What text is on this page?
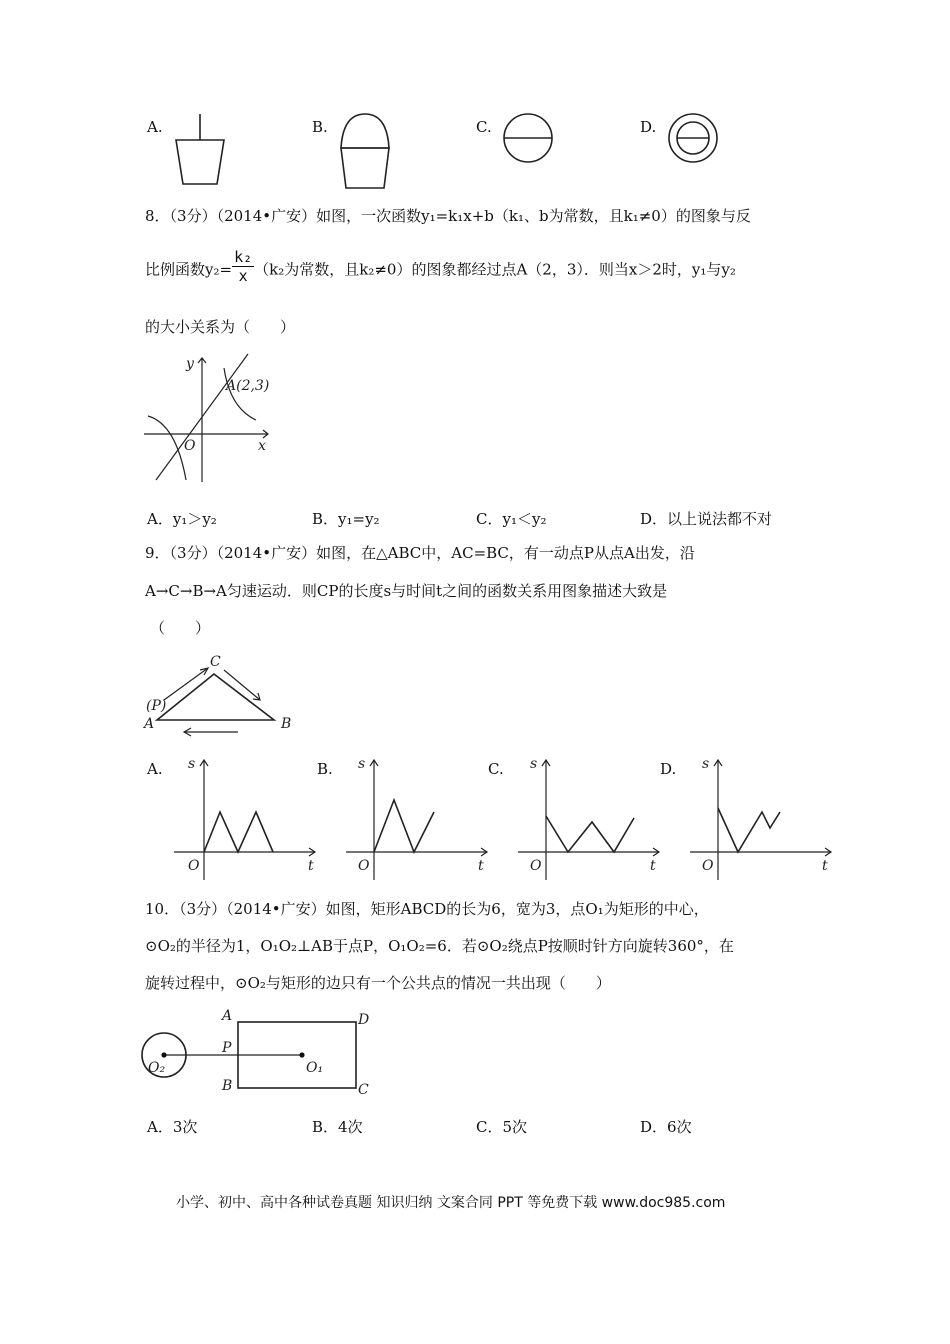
A.	B.	C.	D.
8．（3分）（2014•广安）如图，一次函数y₁=k₁x+b（k₁、b为常数，且k₁≠0）的图象与反
比例函数$y_2= \frac{\text{k₂}}{x} (k_2$为常数，且k₂≠0）的图象都经过点A（2，3）．则当x＞2时，y₁与y₂
的大小关系为（　　）
y
x
O
A(2,3)
A．y₁＞y₂	B．y₁=y₂	C．y₁＜y₂	D．以上说法都不对
9．（3分）（2014•广安）如图，在△ABC中，AC=BC，有一动点P从点A出发，沿
A→C→B→A匀速运动．则CP的长度s与时间t之间的函数关系用图象描述大致是
（　　）
C
(P)
A	B
A.	B.	C.	D.
s
O	t
s
O	t
s
O	t
s
O	t
10．（3分）（2014•广安）如图，矩形ABCD的长为6，宽为3，点O₁为矩形的中心，
⊙O₂的半径为1，O₁O₂⊥AB于点P，O₁O₂=6．若⊙O₂绕点P按顺时针方向旋转360°，在
旋转过程中，⊙O₂与矩形的边只有一个公共点的情况一共出现（　　）
A	D
P
B	C
O₁
O₂
A．3次	B．4次	C．5次	D．6次
小学、初中、高中各种试卷真题 知识归纳 文案合同 PPT 等免费下载 www.doc985.com
